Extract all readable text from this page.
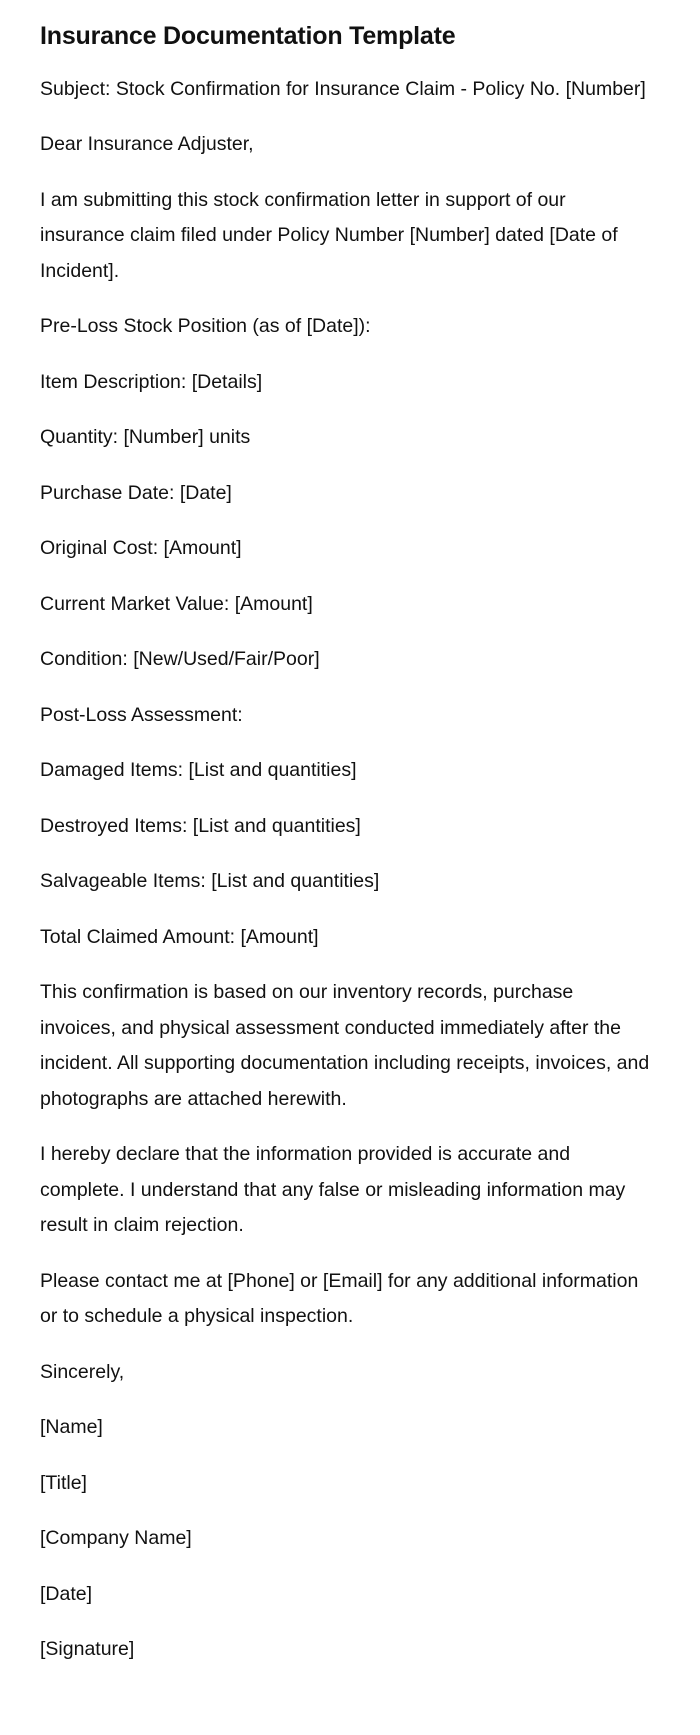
Insurance Documentation Template

Subject: Stock Confirmation for Insurance Claim - Policy No. [Number]

Dear Insurance Adjuster,

I am submitting this stock confirmation letter in support of our insurance claim filed under Policy Number [Number] dated [Date of Incident].

Pre-Loss Stock Position (as of [Date]):

Item Description: [Details]

Quantity: [Number] units

Purchase Date: [Date]

Original Cost: [Amount]

Current Market Value: [Amount]

Condition: [New/Used/Fair/Poor]

Post-Loss Assessment:

Damaged Items: [List and quantities]

Destroyed Items: [List and quantities]

Salvageable Items: [List and quantities]

Total Claimed Amount: [Amount]

This confirmation is based on our inventory records, purchase invoices, and physical assessment conducted immediately after the incident. All supporting documentation including receipts, invoices, and photographs are attached herewith.

I hereby declare that the information provided is accurate and complete. I understand that any false or misleading information may result in claim rejection.

Please contact me at [Phone] or [Email] for any additional information or to schedule a physical inspection.

Sincerely,

[Name]

[Title]

[Company Name]

[Date]

[Signature]
